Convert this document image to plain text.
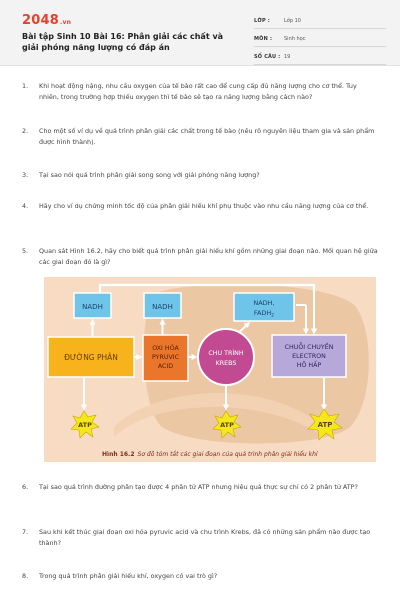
2048.vn
Bài tập Sinh 10 Bài 16: Phân giải các chất và giải phóng năng lượng có đáp án
LỚP :	Lớp 10
MÔN :	Sinh học
SỐ CÂU : 19
1.	Khi hoạt động nặng, nhu cầu oxygen của tế bào rất cao để cung cấp đủ năng lượng cho cơ thể. Tuy nhiên, trong trường hợp thiếu oxygen thì tế bào sẽ tạo ra năng lượng bằng cách nào?
2.	Cho một số ví dụ về quá trình phân giải các chất trong tế bào (nêu rõ nguyên liệu tham gia và sản phẩm được hình thành).
3.	Tại sao nói quá trình phân giải song song với giải phóng năng lượng?
4.	Hãy cho ví dụ chứng minh tốc độ của phân giải hiếu khí phụ thuộc vào nhu cầu năng lượng của cơ thể.
5.	Quan sát Hình 16.2, hãy cho biết quá trình phân giải hiếu khí gồm những giai đoạn nào. Mối quan hệ giữa các giai đoạn đó là gì?
NADH	NADH	NADH,
$FADH_2$
ĐƯỜNG PHÂN
OXI HÓA
PYRUVIC
ACID
CHU TRÌNH
KREBS
CHUỖI CHUYỀN
ELECTRON
HÔ HẤP
ATP	ATP	ATP
Hình 16.2 Sơ đồ tóm tắt các giai đoạn của quá trình phân giải hiếu khí
6.	Tại sao quá trình đường phân tạo được 4 phân tử ATP nhưng hiệu quả thực sự chỉ có 2 phân tử ATP?
7.	Sau khi kết thúc giai đoạn oxi hóa pyruvic acid và chu trình Krebs, đã có những sản phẩm nào được tạo thành?
8.	Trong quá trình phân giải hiếu khí, oxygen có vai trò gì?
